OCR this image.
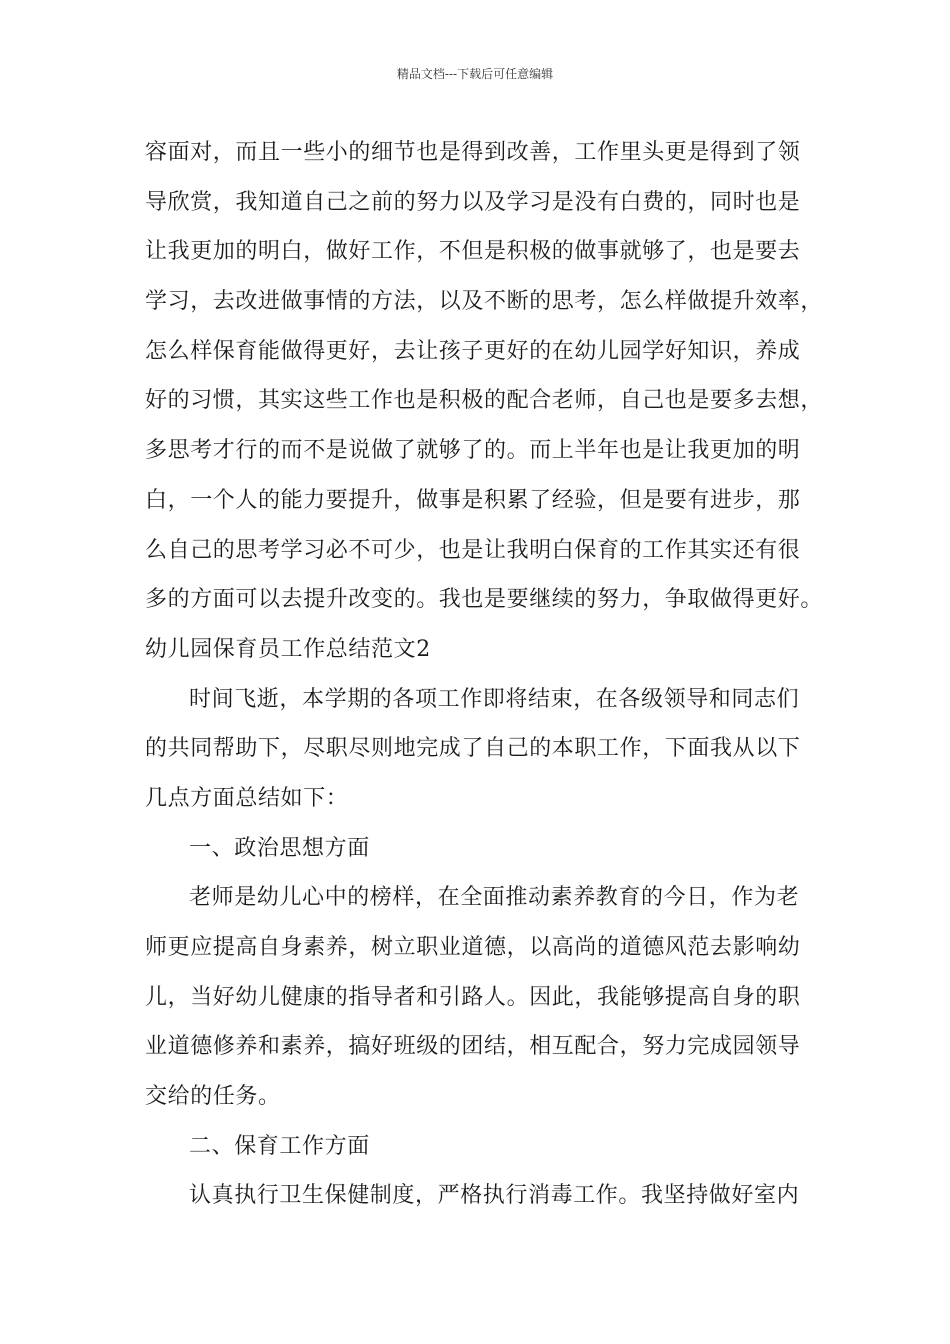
精品文档---下载后可任意编辑
容面对，而且一些小的细节也是得到改善，工作里头更是得到了领
导欣赏，我知道自己之前的努力以及学习是没有白费的，同时也是
让我更加的明白，做好工作，不但是积极的做事就够了，也是要去
学习，去改进做事情的方法，以及不断的思考，怎么样做提升效率，
怎么样保育能做得更好，去让孩子更好的在幼儿园学好知识，养成
好的习惯，其实这些工作也是积极的配合老师，自己也是要多去想，
多思考才行的而不是说做了就够了的。而上半年也是让我更加的明
白，一个人的能力要提升，做事是积累了经验，但是要有进步，那
么自己的思考学习必不可少，也是让我明白保育的工作其实还有很
多的方面可以去提升改变的。我也是要继续的努力，争取做得更好。
幼儿园保育员工作总结范文2
时间飞逝，本学期的各项工作即将结束，在各级领导和同志们
的共同帮助下，尽职尽则地完成了自己的本职工作，下面我从以下
几点方面总结如下：
一、政治思想方面
老师是幼儿心中的榜样，在全面推动素养教育的今日，作为老
师更应提高自身素养，树立职业道德，以高尚的道德风范去影响幼
儿，当好幼儿健康的指导者和引路人。因此，我能够提高自身的职
业道德修养和素养，搞好班级的团结，相互配合，努力完成园领导
交给的任务。
二、保育工作方面
认真执行卫生保健制度，严格执行消毒工作。我坚持做好室内
